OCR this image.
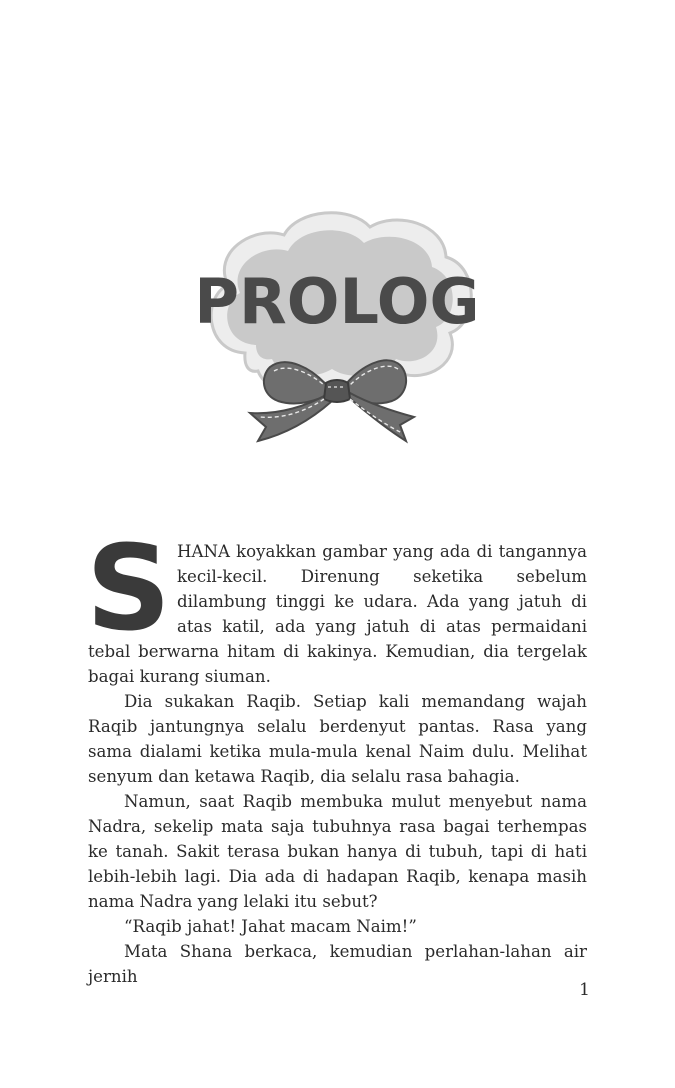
PROLOG

SHANA koyakkan gambar yang ada di tangannya kecil-kecil. Direnung seketika sebelum dilambung tinggi ke udara. Ada yang jatuh di atas katil, ada yang jatuh di atas permaidani tebal berwarna hitam di kakinya. Kemudian, dia tergelak bagai kurang siuman.

Dia sukakan Raqib. Setiap kali memandang wajah Raqib jantungnya selalu berdenyut pantas. Rasa yang sama dialami ketika mula-mula kenal Naim dulu. Melihat senyum dan ketawa Raqib, dia selalu rasa bahagia.

Namun, saat Raqib membuka mulut menyebut nama Nadra, sekelip mata saja tubuhnya rasa bagai terhempas ke tanah. Sakit terasa bukan hanya di tubuh, tapi di hati lebih-lebih lagi. Dia ada di hadapan Raqib, kenapa masih nama Nadra yang lelaki itu sebut?

“Raqib jahat! Jahat macam Naim!”

Mata Shana berkaca, kemudian perlahan-lahan air jernih

1
